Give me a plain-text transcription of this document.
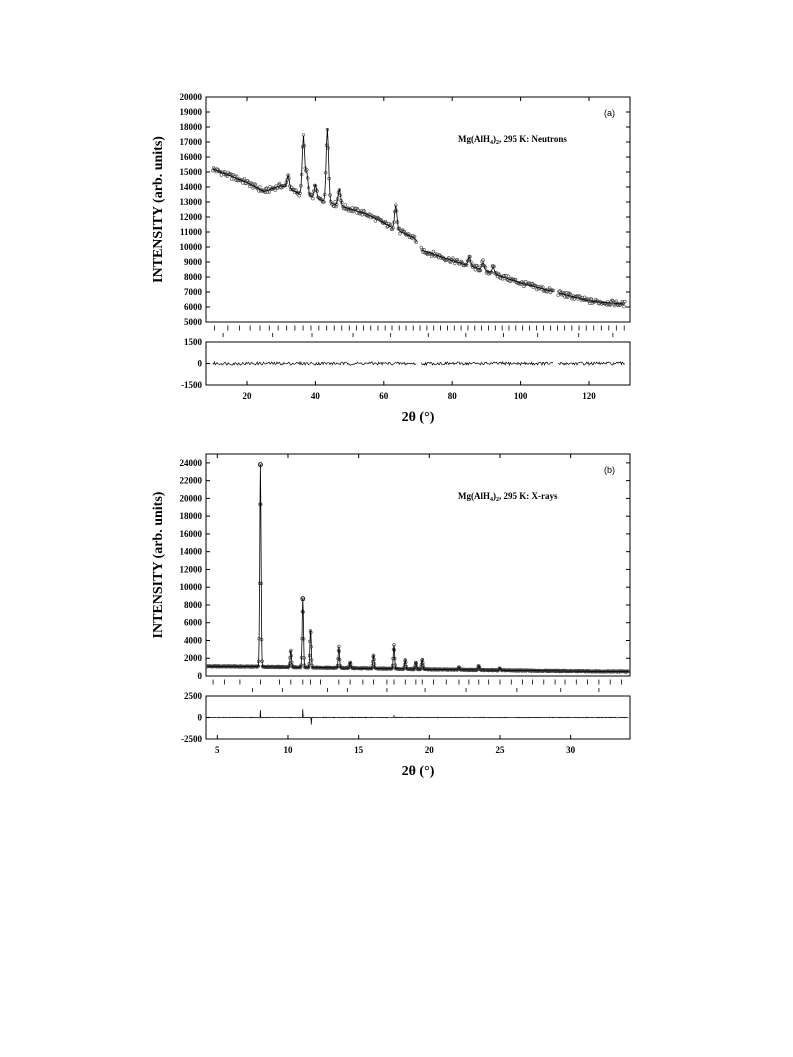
20	40	60	80	100	120
5000
6000
7000
8000
9000
10000
11000
12000
13000
14000
15000
16000
17000
18000
19000
20000
-1500
0
1500
INTENSITY (arb. units)
2θ (°)
(a)
$Mg(AlH_4)_2$, 295 K: Neutrons
5	10	15	20	25	30
0
2000
4000
6000
8000
10000
12000
14000
16000
18000
20000
22000
24000
-2500
0
2500
INTENSITY (arb. units)
2θ (°)
(b)
$Mg(AlH_4)_2$, 295 K: X-rays
